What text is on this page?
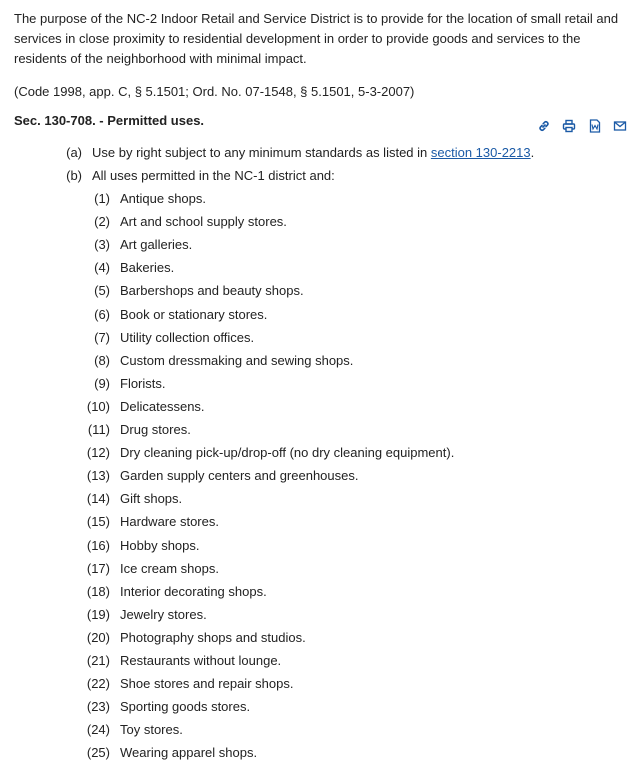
The purpose of the NC-2 Indoor Retail and Service District is to provide for the location of small retail and services in close proximity to residential development in order to provide goods and services to the residents of the neighborhood with minimal impact.

(Code 1998, app. C, § 5.1501; Ord. No. 07-1548, § 5.1501, 5-3-2007)

Sec. 130-708. - Permitted uses.

(a) Use by right subject to any minimum standards as listed in section 130-2213.
(b) All uses permitted in the NC-1 district and:
(1) Antique shops.
(2) Art and school supply stores.
(3) Art galleries.
(4) Bakeries.
(5) Barbershops and beauty shops.
(6) Book or stationary stores.
(7) Utility collection offices.
(8) Custom dressmaking and sewing shops.
(9) Florists.
(10) Delicatessens.
(11) Drug stores.
(12) Dry cleaning pick-up/drop-off (no dry cleaning equipment).
(13) Garden supply centers and greenhouses.
(14) Gift shops.
(15) Hardware stores.
(16) Hobby shops.
(17) Ice cream shops.
(18) Interior decorating shops.
(19) Jewelry stores.
(20) Photography shops and studios.
(21) Restaurants without lounge.
(22) Shoe stores and repair shops.
(23) Sporting goods stores.
(24) Toy stores.
(25) Wearing apparel shops.
